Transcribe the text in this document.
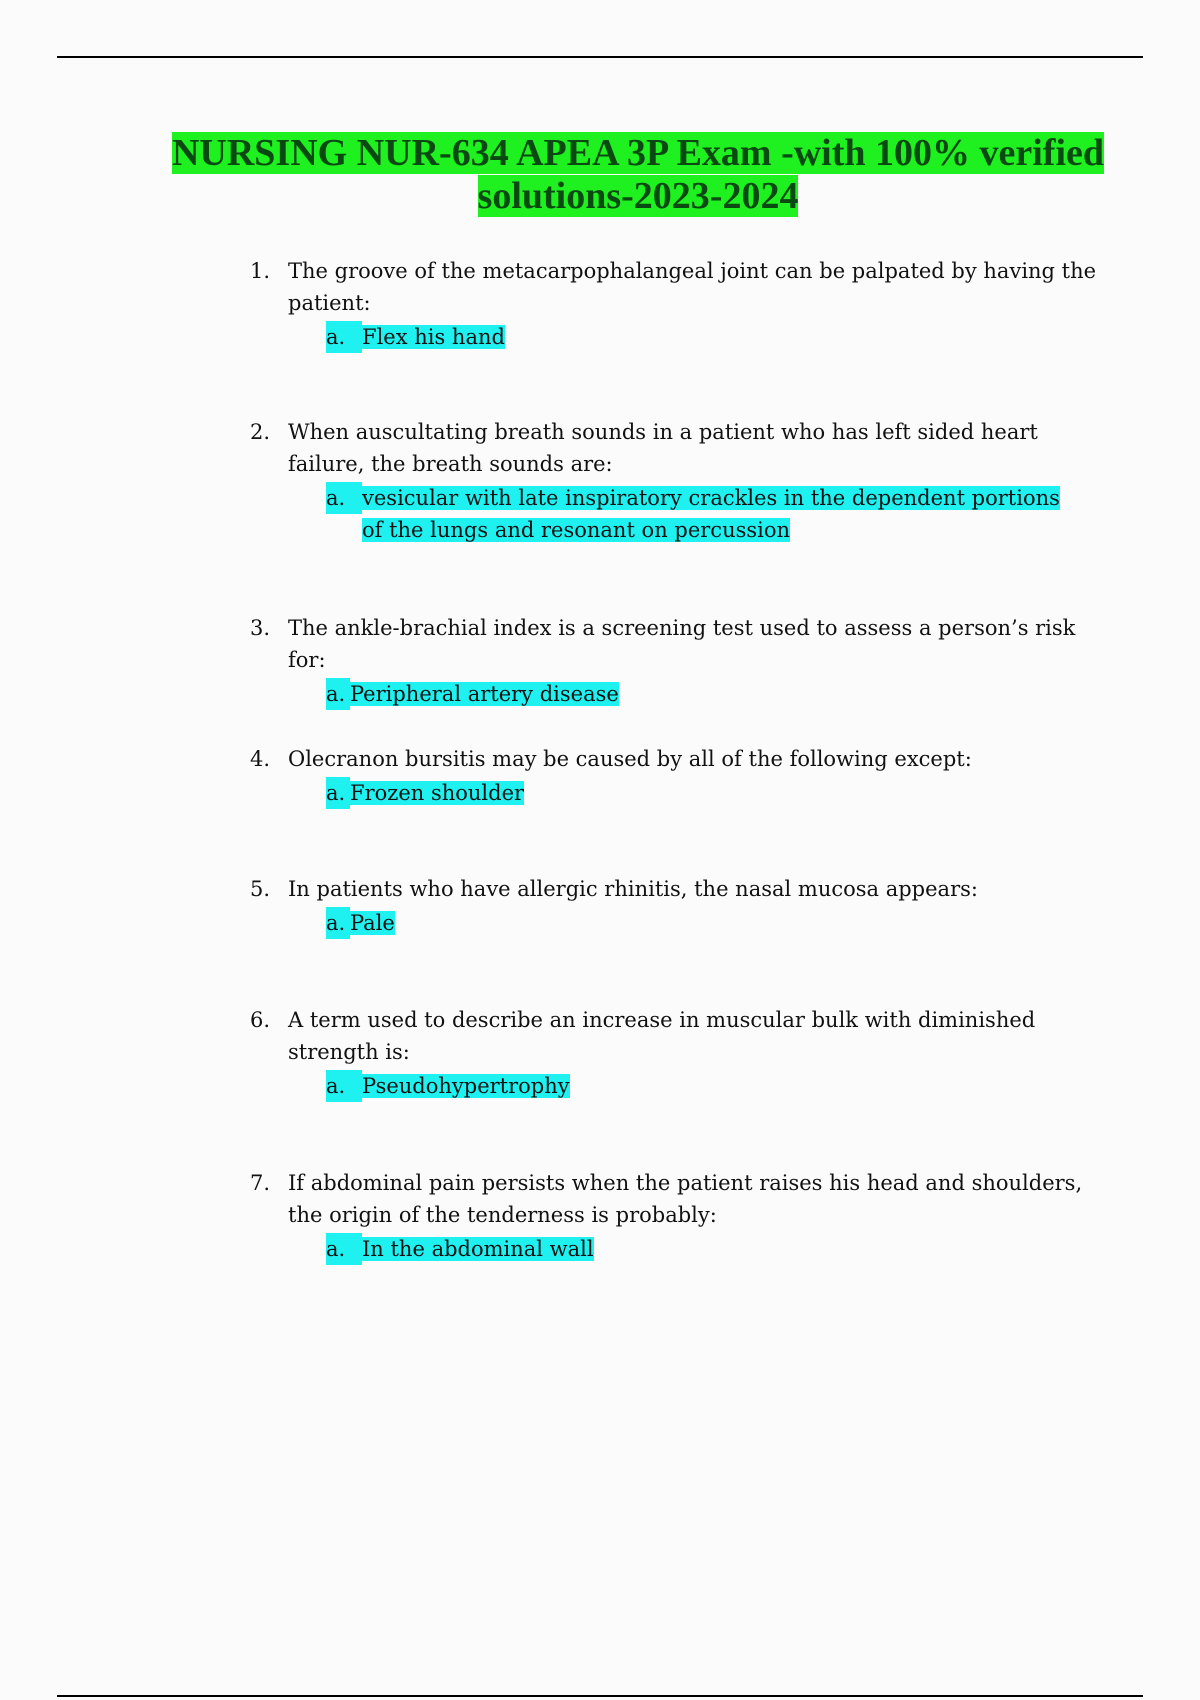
NURSING NUR-634 APEA 3P Exam -with 100% verified solutions-2023-2024
1. The groove of the metacarpophalangeal joint can be palpated by having the patient:
a. Flex his hand
2. When auscultating breath sounds in a patient who has left sided heart failure, the breath sounds are:
a. vesicular with late inspiratory crackles in the dependent portions of the lungs and resonant on percussion
3. The ankle-brachial index is a screening test used to assess a person’s risk for:
a. Peripheral artery disease
4. Olecranon bursitis may be caused by all of the following except:
a. Frozen shoulder
5. In patients who have allergic rhinitis, the nasal mucosa appears:
a. Pale
6. A term used to describe an increase in muscular bulk with diminished strength is:
a. Pseudohypertrophy
7. If abdominal pain persists when the patient raises his head and shoulders, the origin of the tenderness is probably:
a. In the abdominal wall
